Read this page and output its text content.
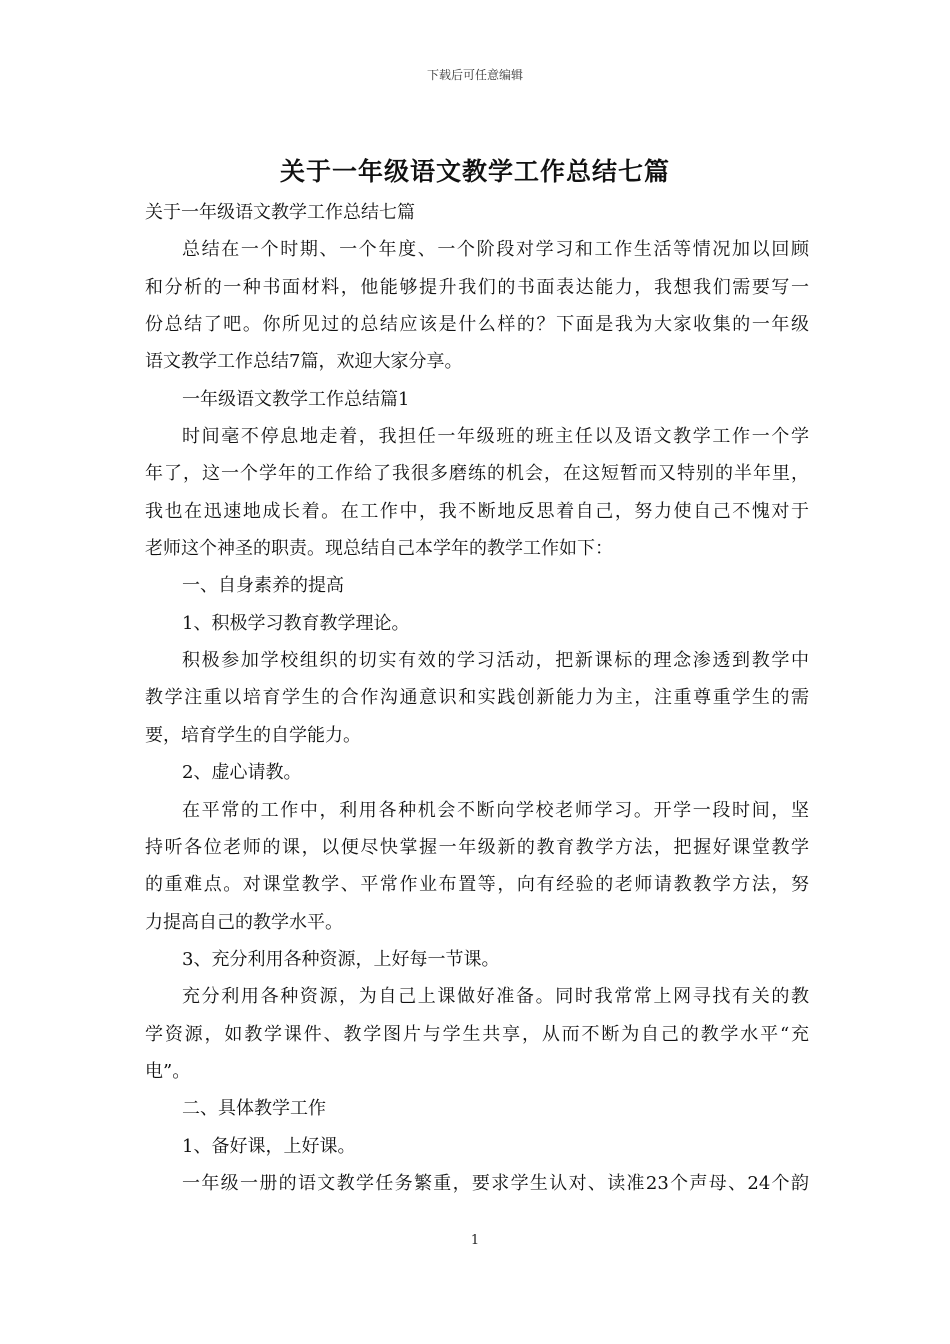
下载后可任意编辑
关于一年级语文教学工作总结七篇
关于一年级语文教学工作总结七篇
总结在一个时期、一个年度、一个阶段对学习和工作生活等情况加以回顾
和分析的一种书面材料，他能够提升我们的书面表达能力，我想我们需要写一
份总结了吧。你所见过的总结应该是什么样的？下面是我为大家收集的一年级
语文教学工作总结7篇，欢迎大家分享。
一年级语文教学工作总结篇1
时间毫不停息地走着，我担任一年级班的班主任以及语文教学工作一个学
年了，这一个学年的工作给了我很多磨练的机会，在这短暂而又特别的半年里，
我也在迅速地成长着。在工作中，我不断地反思着自己，努力使自己不愧对于
老师这个神圣的职责。现总结自己本学年的教学工作如下：
一、自身素养的提高
1、积极学习教育教学理论。
积极参加学校组织的切实有效的学习活动，把新课标的理念渗透到教学中
教学注重以培育学生的合作沟通意识和实践创新能力为主，注重尊重学生的需
要，培育学生的自学能力。
2、虚心请教。
在平常的工作中，利用各种机会不断向学校老师学习。开学一段时间，坚
持听各位老师的课，以便尽快掌握一年级新的教育教学方法，把握好课堂教学
的重难点。对课堂教学、平常作业布置等，向有经验的老师请教教学方法，努
力提高自己的教学水平。
3、充分利用各种资源，上好每一节课。
充分利用各种资源，为自己上课做好准备。同时我常常上网寻找有关的教
学资源，如教学课件、教学图片与学生共享，从而不断为自己的教学水平“充
电”。
二、具体教学工作
1、备好课，上好课。
一年级一册的语文教学任务繁重，要求学生认对、读准23个声母、24个韵
1
